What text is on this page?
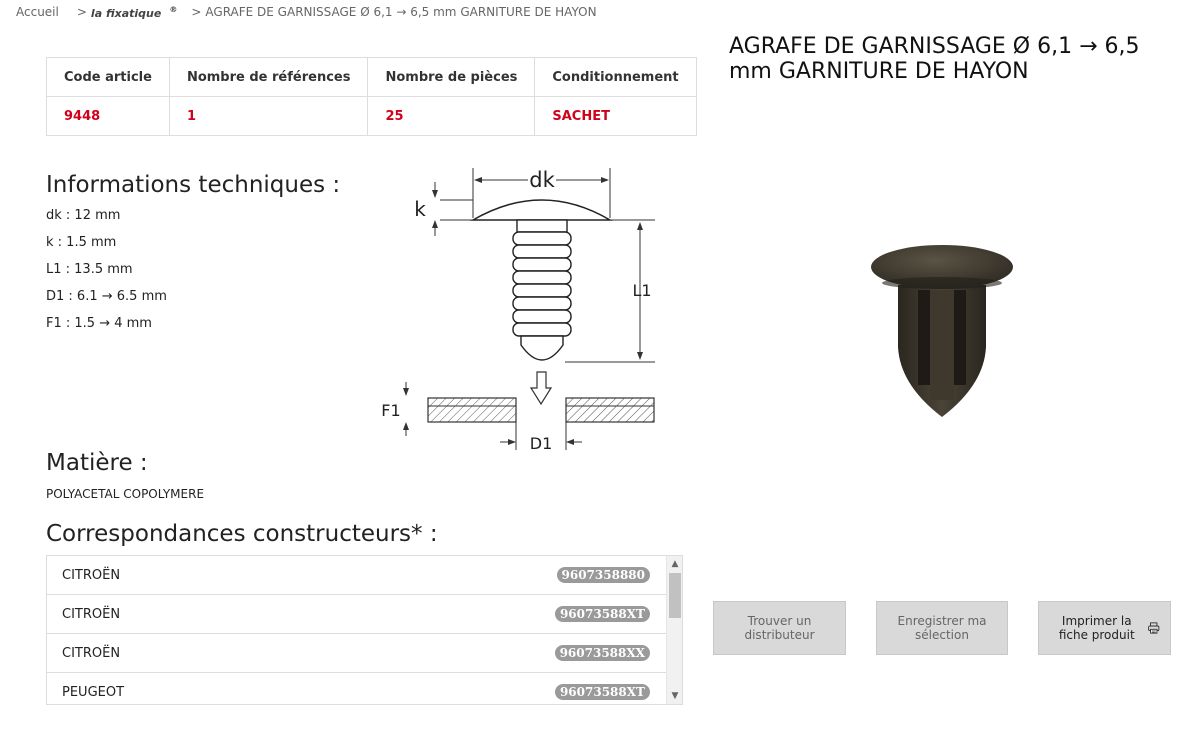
Accueil > la fixatique ® > AGRAFE DE GARNISSAGE Ø 6,1 → 6,5 mm GARNITURE DE HAYON
Code article	Nombre de références	Nombre de pièces	Conditionnement
9448	1	25	SACHET
Informations techniques :
dk : 12 mm
k : 1.5 mm
L1 : 13.5 mm
D1 : 6.1 → 6.5 mm
F1 : 1.5 → 4 mm
dk
k
L1
F1
D1
Matière :
POLYACETAL COPOLYMERE
Correspondances constructeurs* :
CITROËN	9607358880
CITROËN	96073588XT
CITROËN	96073588XX
PEUGEOT	96073588XT
▲
▼
AGRAFE DE GARNISSAGE Ø 6,1 → 6,5 mm GARNITURE DE HAYON
Trouver un distributeur
Enregistrer ma sélection
Imprimer la fiche produit
